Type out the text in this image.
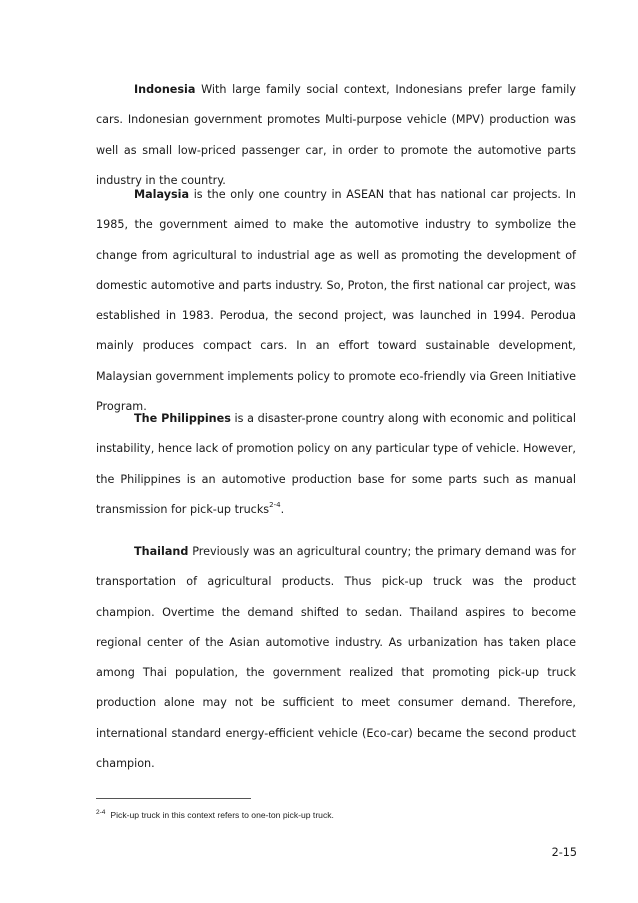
Indonesia With large family social context, Indonesians prefer large family cars. Indonesian government promotes Multi-purpose vehicle (MPV) production was well as small low-priced passenger car, in order to promote the automotive parts industry in the country.

Malaysia is the only one country in ASEAN that has national car projects. In 1985, the government aimed to make the automotive industry to symbolize the change from agricultural to industrial age as well as promoting the development of domestic automotive and parts industry. So, Proton, the first national car project, was established in 1983. Perodua, the second project, was launched in 1994. Perodua mainly produces compact cars. In an effort toward sustainable development, Malaysian government implements policy to promote eco-friendly via Green Initiative Program.

The Philippines is a disaster-prone country along with economic and political instability, hence lack of promotion policy on any particular type of vehicle. However, the Philippines is an automotive production base for some parts such as manual transmission for pick-up trucks$^{2-4}$.

Thailand Previously was an agricultural country; the primary demand was for transportation of agricultural products. Thus pick-up truck was the product champion. Overtime the demand shifted to sedan. Thailand aspires to become regional center of the Asian automotive industry. As urbanization has taken place among Thai population, the government realized that promoting pick-up truck production alone may not be sufficient to meet consumer demand. Therefore, international standard energy-efficient vehicle (Eco-car) became the second product champion.

$^{2-4}$ Pick-up truck in this context refers to one-ton pick-up truck.
2-15
